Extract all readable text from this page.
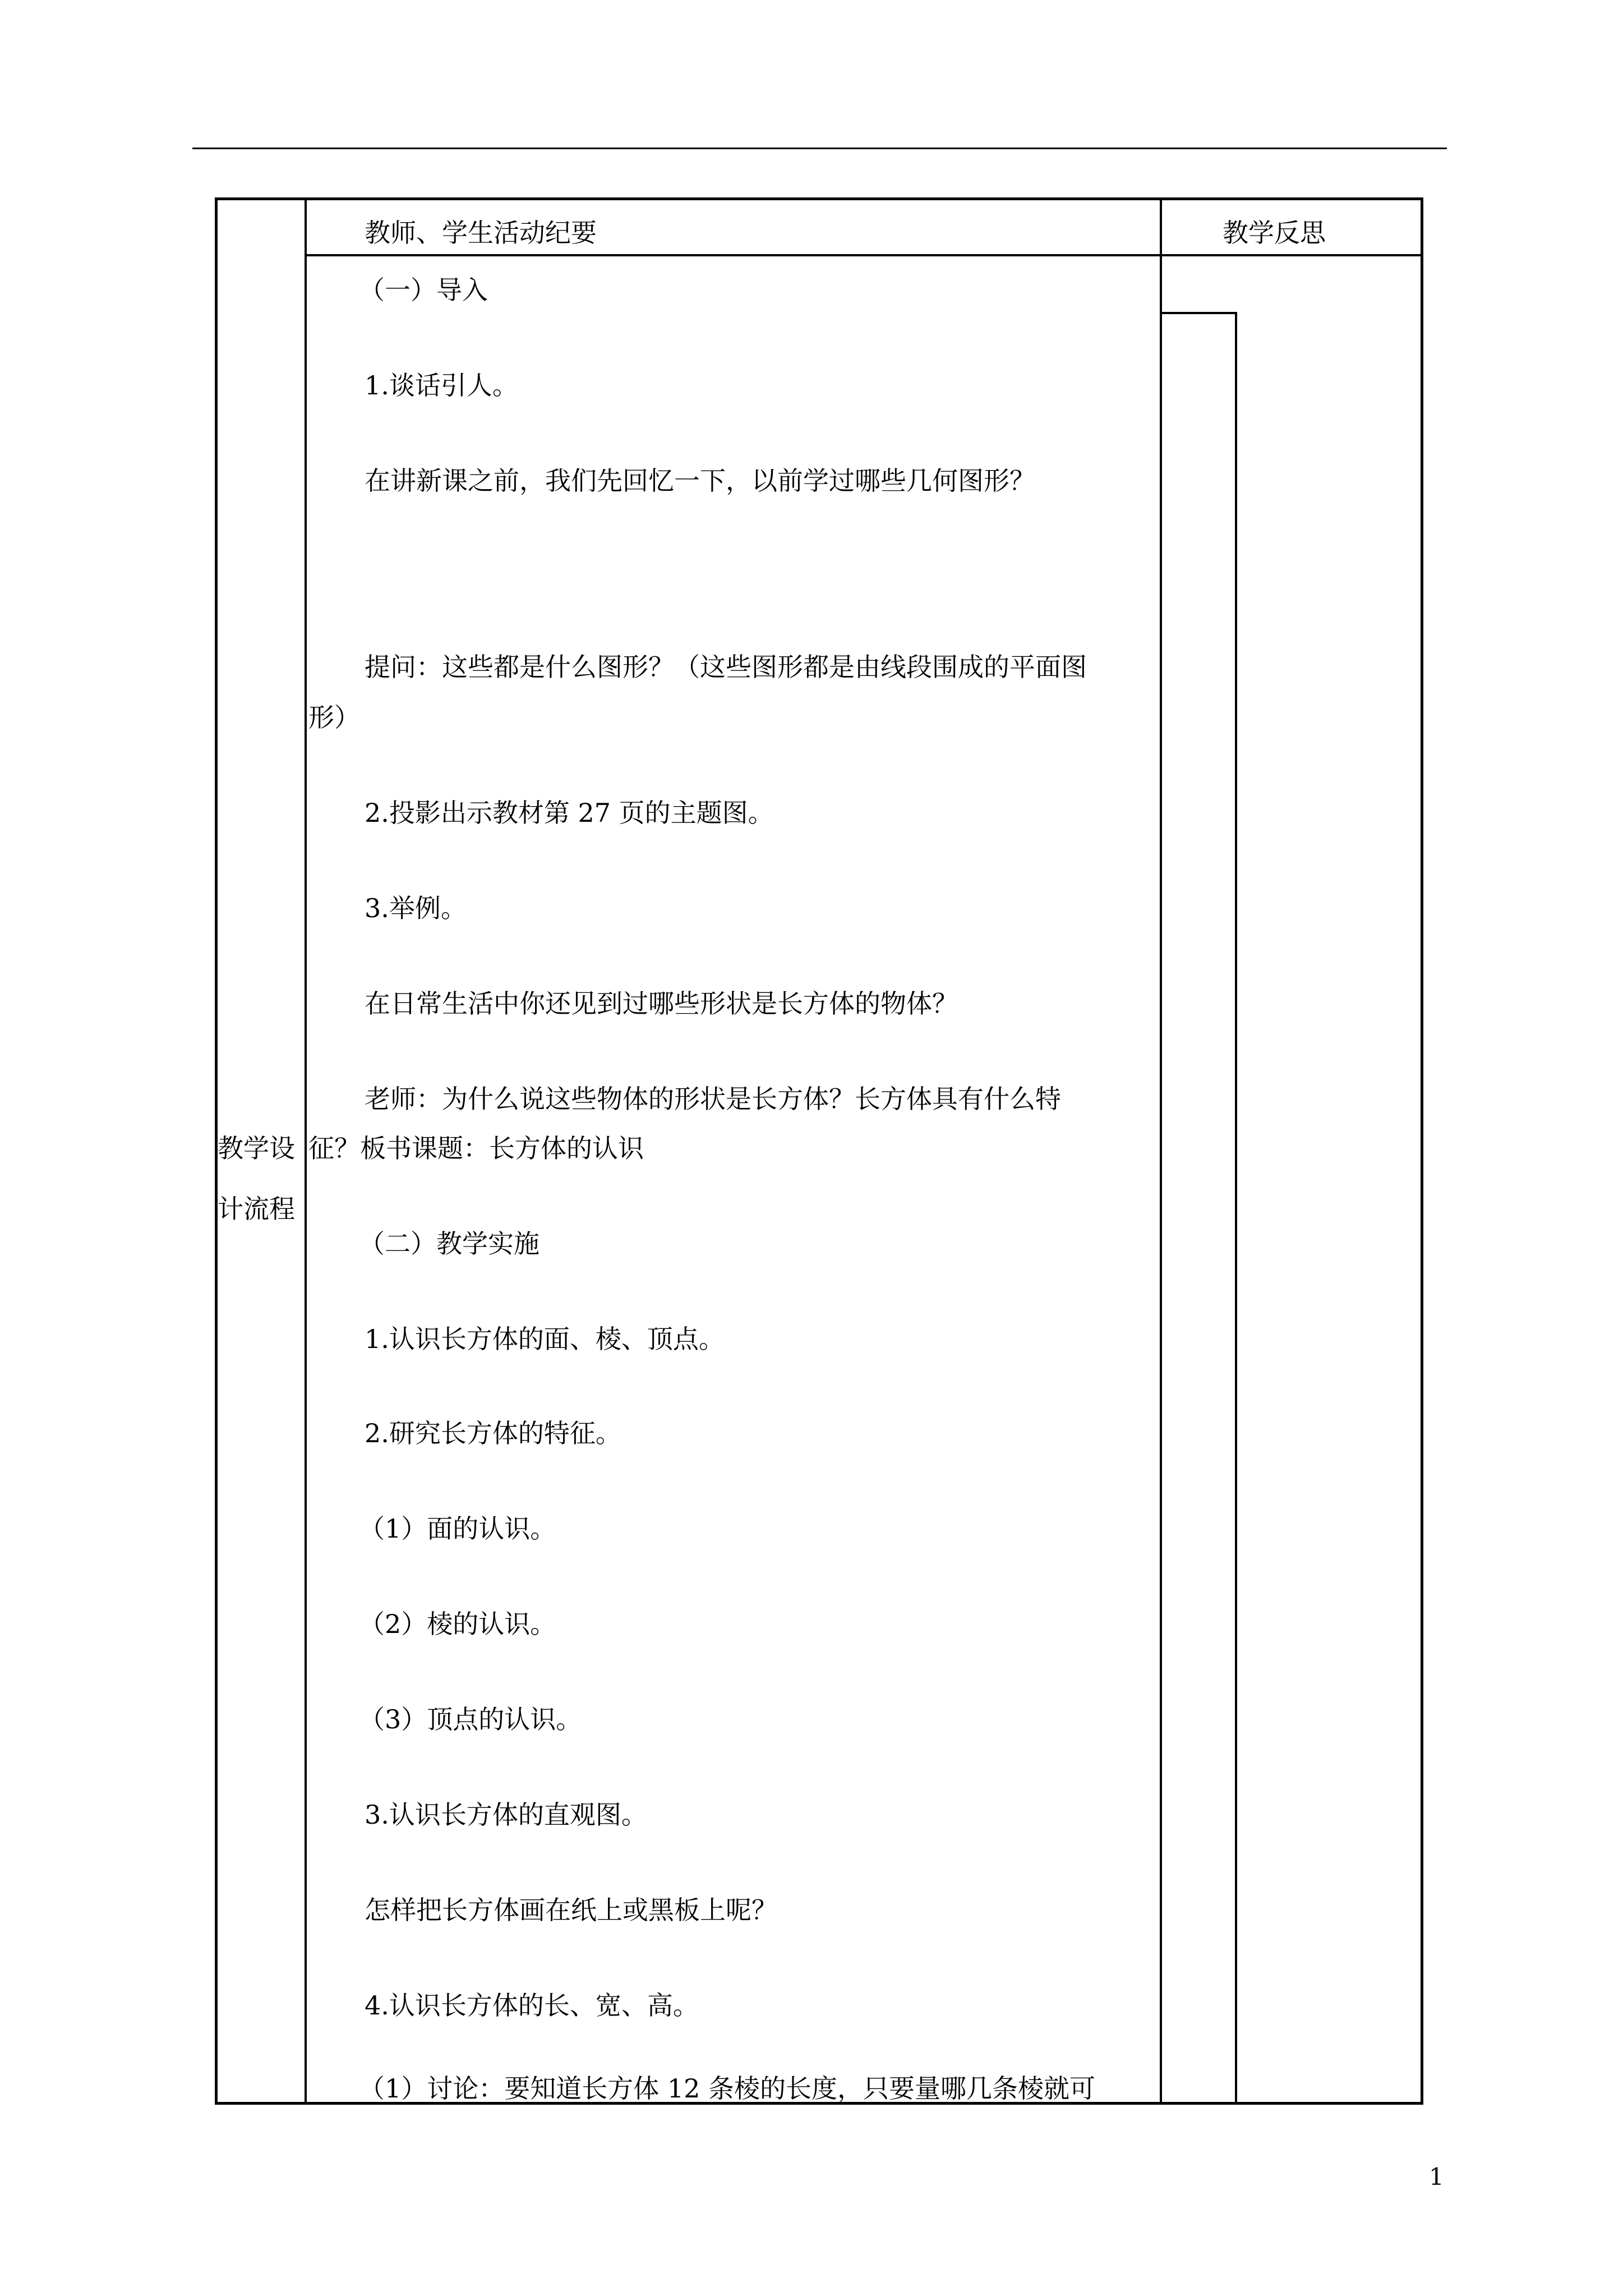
教师、学生活动纪要	教学反思
教学设
计流程
（一）导入
1.谈话引人。
在讲新课之前，我们先回忆一下，以前学过哪些几何图形？
提问：这些都是什么图形？（这些图形都是由线段围成的平面图
形）
2.投影出示教材第 27 页的主题图。
3.举例。
在日常生活中你还见到过哪些形状是长方体的物体？
老师：为什么说这些物体的形状是长方体？长方体具有什么特
征？板书课题：长方体的认识
（二）教学实施
1.认识长方体的面、棱、顶点。
2.研究长方体的特征。
（1）面的认识。
（2）棱的认识。
（3）顶点的认识。
3.认识长方体的直观图。
怎样把长方体画在纸上或黑板上呢？
4.认识长方体的长、宽、高。
（1）讨论：要知道长方体 12 条棱的长度，只要量哪几条棱就可
1
